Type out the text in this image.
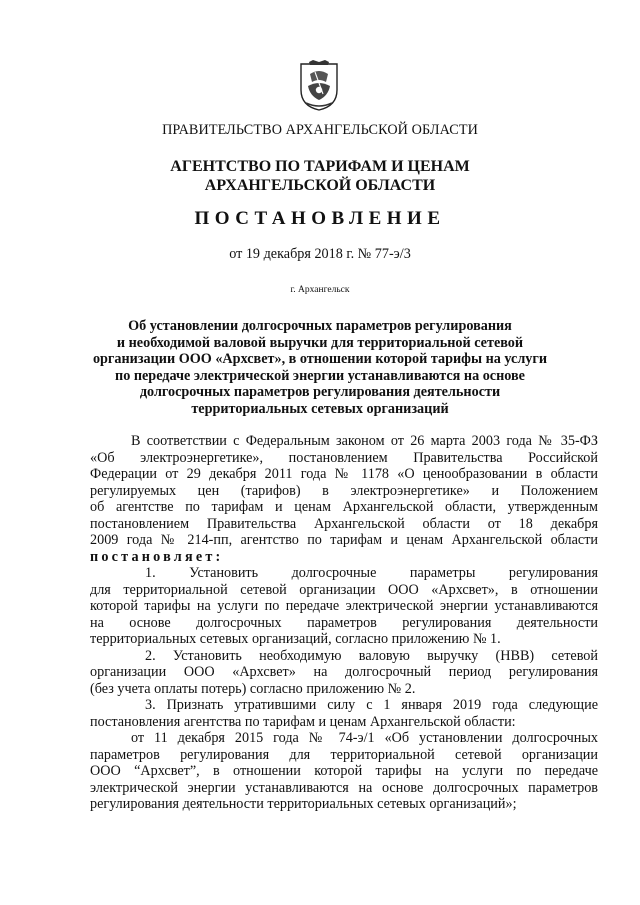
ПРАВИТЕЛЬСТВО АРХАНГЕЛЬСКОЙ ОБЛАСТИ
АГЕНТСТВО ПО ТАРИФАМ И ЦЕНАМ
АРХАНГЕЛЬСКОЙ ОБЛАСТИ
ПОСТАНОВЛЕНИЕ
от 19 декабря 2018 г. № 77-э/3
г. Архангельск
Об установлении долгосрочных параметров регулирования
и необходимой валовой выручки для территориальной сетевой
организации ООО «Архсвет», в отношении которой тарифы на услуги
по передаче электрической энергии устанавливаются на основе
долгосрочных параметров регулирования деятельности
территориальных сетевых организаций
В соответствии с Федеральным законом от 26 марта 2003 года № 35-ФЗ
«Об электроэнергетике», постановлением Правительства Российской
Федерации от 29 декабря 2011 года № 1178 «О ценообразовании в области
регулируемых цен (тарифов) в электроэнергетике» и Положением
об агентстве по тарифам и ценам Архангельской области, утвержденным
постановлением Правительства Архангельской области от 18 декабря
2009 года № 214-пп, агентство по тарифам и ценам Архангельской области
постановляет:
1. Установить долгосрочные параметры регулирования
для территориальной сетевой организации ООО «Архсвет», в отношении
которой тарифы на услуги по передаче электрической энергии устанавливаются
на основе долгосрочных параметров регулирования деятельности
территориальных сетевых организаций, согласно приложению № 1.
2. Установить необходимую валовую выручку (НВВ) сетевой
организации ООО «Архсвет» на долгосрочный период регулирования
(без учета оплаты потерь) согласно приложению № 2.
3. Признать утратившими силу с 1 января 2019 года следующие
постановления агентства по тарифам и ценам Архангельской области:
от 11 декабря 2015 года № 74-э/1 «Об установлении долгосрочных
параметров регулирования для территориальной сетевой организации
ООО “Архсвет”, в отношении которой тарифы на услуги по передаче
электрической энергии устанавливаются на основе долгосрочных параметров
регулирования деятельности территориальных сетевых организаций»;
